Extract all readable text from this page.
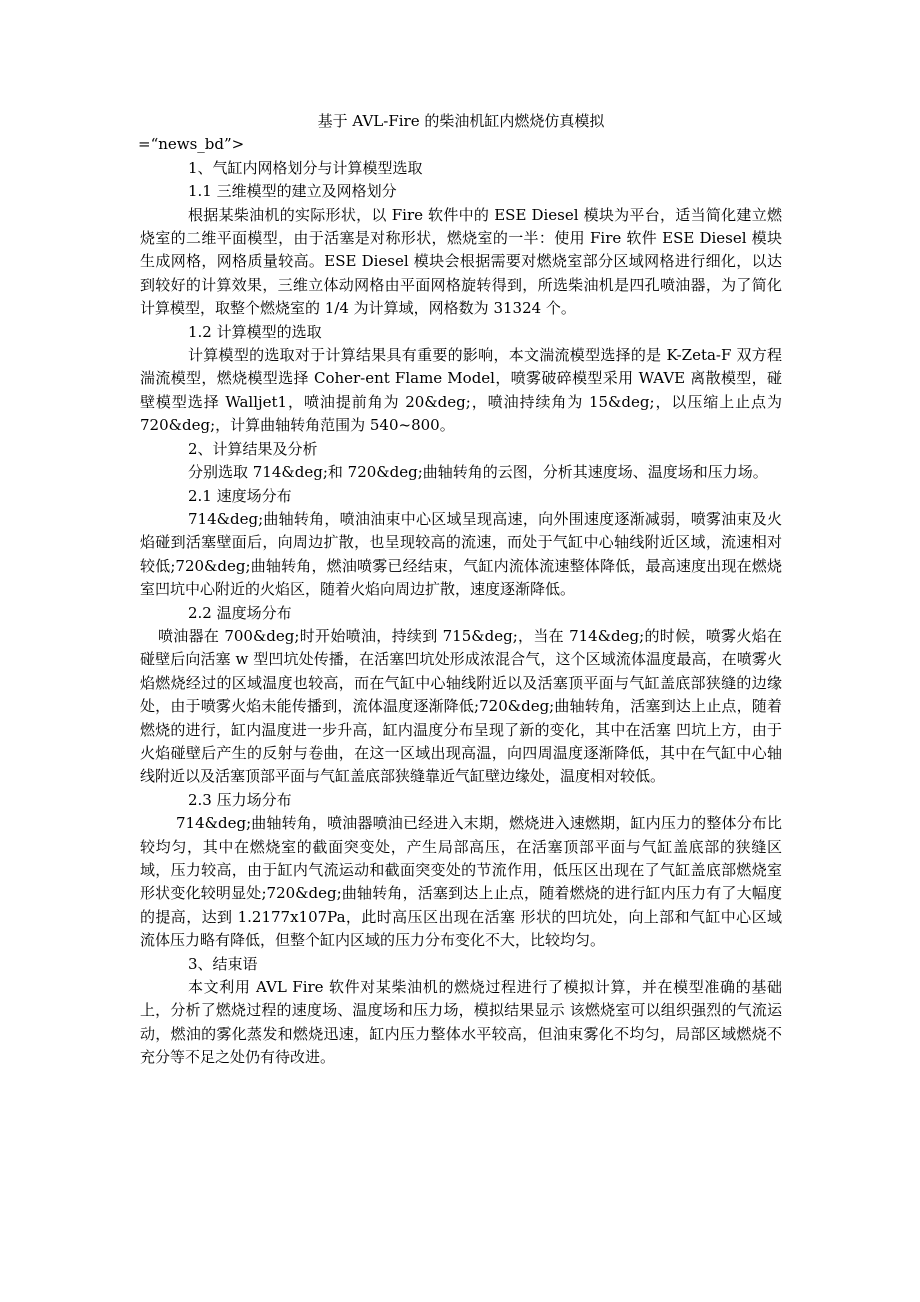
基于 AVL-Fire 的柴油机缸内燃烧仿真模拟
=“news_bd”>
1、气缸内网格划分与计算模型选取
1.1 三维模型的建立及网格划分

根据某柴油机的实际形状，以 Fire 软件中的 ESE Diesel 模块为平台，适当简化建立燃烧室的二维平面模型，由于活塞是对称形状，燃烧室的一半：使用 Fire 软件 ESE Diesel 模块生成网格，网格质量较高。ESE Diesel 模块会根据需要对燃烧室部分区域网格进行细化，以达到较好的计算效果，三维立体动网格由平面网格旋转得到，所选柴油机是四孔喷油器，为了简化计算模型，取整个燃烧室的 1/4 为计算域，网格数为 31324 个。

1.2 计算模型的选取

计算模型的选取对于计算结果具有重要的影响，本文湍流模型选择的是 K-Zeta-F 双方程湍流模型，燃烧模型选择 Coher-ent Flame Model，喷雾破碎模型采用 WAVE 离散模型，碰壁模型选择 Walljet1，喷油提前角为 20&deg;，喷油持续角为 15&deg;，以压缩上止点为 720&deg;，计算曲轴转角范围为 540~800。

2、计算结果及分析

分别选取 714&deg;和 720&deg;曲轴转角的云图，分析其速度场、温度场和压力场。

2.1 速度场分布

714&deg;曲轴转角，喷油油束中心区域呈现高速，向外围速度逐渐减弱，喷雾油束及火焰碰到活塞壁面后，向周边扩散，也呈现较高的流速，而处于气缸中心轴线附近区域，流速相对较低;720&deg;曲轴转角，燃油喷雾已经结束，气缸内流体流速整体降低，最高速度出现在燃烧室凹坑中心附近的火焰区，随着火焰向周边扩散，速度逐渐降低。

2.2 温度场分布

喷油器在 700&deg;时开始喷油，持续到 715&deg;，当在 714&deg;的时候，喷雾火焰在碰壁后向活塞 w 型凹坑处传播，在活塞凹坑处形成浓混合气，这个区域流体温度最高，在喷雾火焰燃烧经过的区域温度也较高，而在气缸中心轴线附近以及活塞顶平面与气缸盖底部狭缝的边缘处，由于喷雾火焰未能传播到，流体温度逐渐降低;720&deg;曲轴转角，活塞到达上止点，随着燃烧的进行，缸内温度进一步升高，缸内温度分布呈现了新的变化，其中在活塞 凹坑上方，由于火焰碰壁后产生的反射与卷曲，在这一区域出现高温，向四周温度逐渐降低，其中在气缸中心轴线附近以及活塞顶部平面与气缸盖底部狭缝靠近气缸壁边缘处，温度相对较低。

2.3 压力场分布

714&deg;曲轴转角，喷油器喷油已经进入末期，燃烧进入速燃期，缸内压力的整体分布比较均匀，其中在燃烧室的截面突变处，产生局部高压，在活塞顶部平面与气缸盖底部的狭缝区域，压力较高，由于缸内气流运动和截面突变处的节流作用，低压区出现在了气缸盖底部燃烧室形状变化较明显处;720&deg;曲轴转角，活塞到达上止点，随着燃烧的进行缸内压力有了大幅度的提高，达到 1.2177x107Pa，此时高压区出现在活塞 形状的凹坑处，向上部和气缸中心区域流体压力略有降低，但整个缸内区域的压力分布变化不大，比较均匀。

3、结束语

本文利用 AVL Fire 软件对某柴油机的燃烧过程进行了模拟计算，并在模型准确的基础上，分析了燃烧过程的速度场、温度场和压力场，模拟结果显示 该燃烧室可以组织强烈的气流运动，燃油的雾化蒸发和燃烧迅速，缸内压力整体水平较高，但油束雾化不均匀，局部区域燃烧不充分等不足之处仍有待改进。
